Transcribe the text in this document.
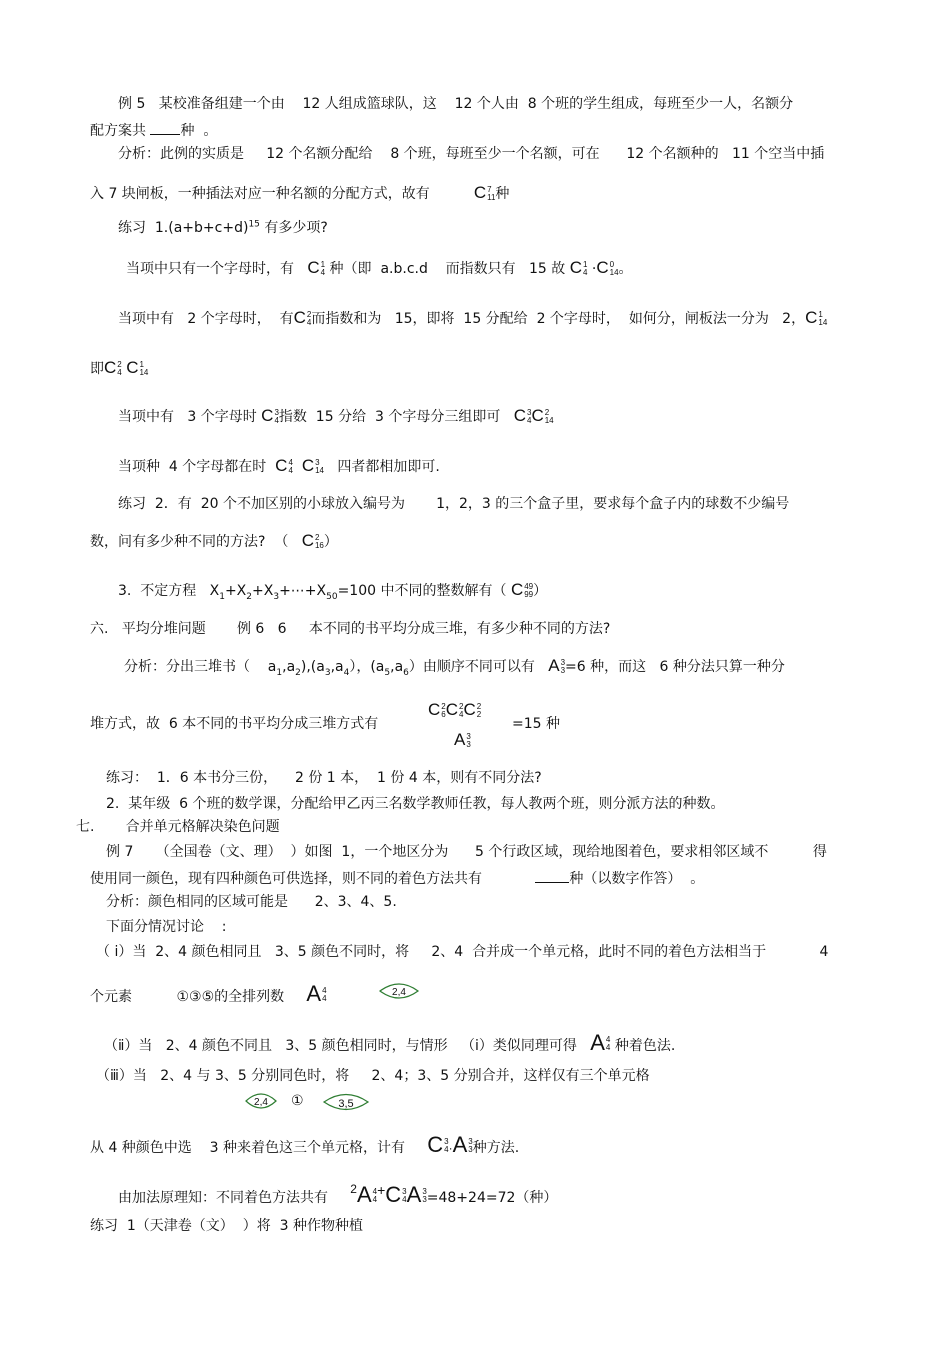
例 5   某校准备组建一个由    12 人组成篮球队，这    12 个人由  8 个班的学生组成，每班至少一人，名额分
配方案共 种  。
分析：此例的实质是     12 个名额分配给    8 个班，每班至少一个名额，可在      12 个名额种的   11 个空当中插
入 7 块闸板，一种插法对应一种名额的分配方式，故有	C 7
11 种
练习  $1.(a+b+c+d)^{15}$ 有多少项?
当项中只有一个字母时，有 C 1
4 种（即  a.b.c.d    而指数只有   15 故 C 1
4 ·C 0
14 。
当项中有   2 个字母时，  有C 2
4 而指数和为   15，即将  15 分配给  2 个字母时，  如何分，闸板法一分为   2，C 1
14
即C 2
4 C 1
14
当项中有   3 个字母时 C 3
4 指数  15 分给  3 个字母分三组即可 C 3
4 C 2
14
当项种  4 个字母都在时 C 4
4 C 3
14 四者都相加即可.
练习  2．有  20 个不加区别的小球放入编号为       1，2，3 的三个盒子里，要求每个盒子内的球数不少编号
数，问有多少种不同的方法?  （ C 2
16 ）
3.  不定方程   $X_1+X_2+X_3+\cdots+X_{50}=100$ 中不同的整数解有（ C 49
99 ）
六.   平均分堆问题       例 6   6     本不同的书平均分成三堆，有多少种不同的方法?
分析：分出三堆书（    $a_1,a_2),(a_3,a_4)$，$(a_5,a_6)$由顺序不同可以有 A 3
3 =6 种，而这   6 种分法只算一种分
堆方式，故  6 本不同的书平均分成三堆方式有
C 2
6 C 2
4 C 2
2
=15 种
A 3
3
练习：  1．6 本书分三份，    2 份 1 本，  1 份 4 本，则有不同分法?
2.  某年级  6 个班的数学课，分配给甲乙丙三名数学教师任教，每人教两个班，则分派方法的种数。
七.       合并单元格解决染色问题
例 7     （全国卷（文、理）  ）如图  1，一个地区分为      5 个行政区域，现给地图着色，要求相邻区域不          得
使用同一颜色，现有四种颜色可供选择，则不同的着色方法共有	种（以数字作答）  。
分析：颜色相同的区域可能是      2、3、4、5.
下面分情况讨论    :
（ ⅰ）当  2、4 颜色相同且   3、5 颜色不同时，将     2、4  合并成一个单元格，此时不同的着色方法相当于            4
个元素          ①③⑤的全排列数 A 4
4
2,4
（ⅱ）当   2、4 颜色不同且   3、5 颜色相同时，与情形   （ⅰ）类似同理可得 A 4
4 种着色法.
（ⅲ）当   2、4 与 3、5 分别同色时，将     2、4；3、5 分别合并，这样仅有三个单元格
2,4 ①	3,5
从 4 种颜色中选    3 种来着色这三个单元格，计有 C 3
4 ·A 3
3 种方法.
由加法原理知：不同着色方法共有     $^2$A 4
4
+C 3
4 A 3
3 =48+24=72（种）
练习  1（天津卷（文）  ）将  3 种作物种植
